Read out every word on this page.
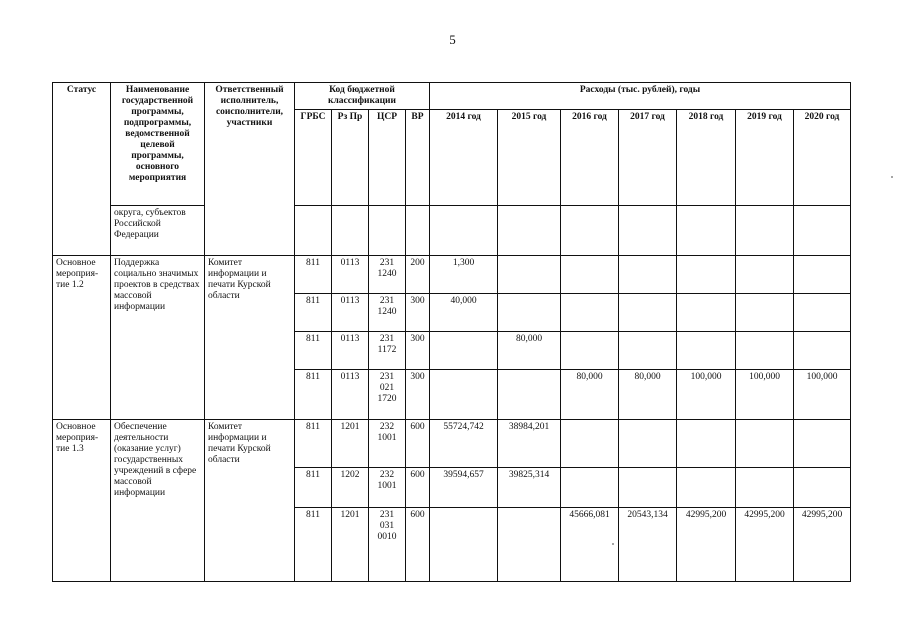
5
Статус	Наименование государственной программы, подпрограммы, ведомственной целевой программы, основного мероприятия	Ответственный исполнитель, соисполнители, участники	Код бюджетной классификации				Расходы (тыс. рублей), годы						
			ГРБС	Рз Пр	ЦСР	ВР	2014 год	2015 год	2016 год	2017 год	2018 год	2019 год	2020 год
	округа, субъектов Российской Федерации												
Основное мероприя-тие 1.2	Поддержка социально значимых проектов в средствах массовой информации	Комитет информации и печати Курской области	811	0113	231 1240	200	1,300						
			811	0113	231 1240	300	40,000						
			811	0113	231 1172	300		80,000					
			811	0113	231 021 1720	300			80,000	80,000	100,000	100,000	100,000
Основное мероприя-тие 1.3	Обеспечение деятельности (оказание услуг) государственных учреждений в сфере массовой информации	Комитет информации и печати Курской области	811	1201	232 1001	600	55724,742	38984,201					
			811	1202	232 1001	600	39594,657	39825,314					
			811	1201	231 031 0010	600			45666,081	20543,134	42995,200	42995,200	42995,200
